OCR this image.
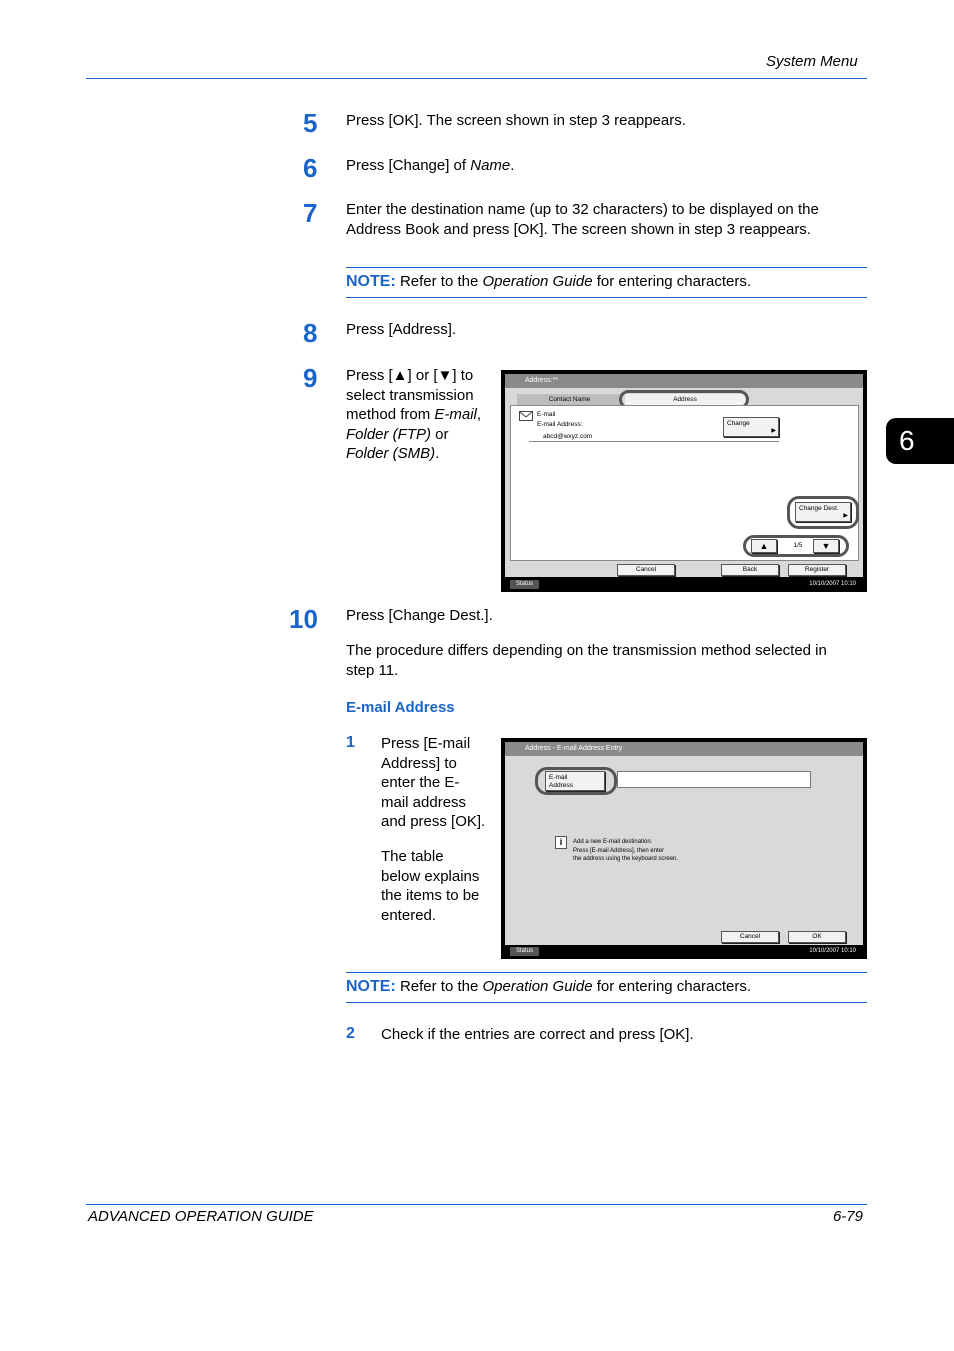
System Menu
6
5 Press [OK]. The screen shown in step 3 reappears.
6 Press [Change] of Name.
7 Enter the destination name (up to 32 characters) to be displayed on the
Address Book and press [OK]. The screen shown in step 3 reappears.
NOTE: Refer to the Operation Guide for entering characters.
8 Press [Address].
9 Press [▲] or [▼] to
select transmission
method from E-mail,
Folder (FTP) or
Folder (SMB).
Address:**
Contact Name	Address
E-mail
E-mail Address:
abcd@wxyz.com
Change
▶
Change Dest.
▶
▲	1/5	▼
Cancel	Back	Register
Status	10/10/2007 10:10
10 Press [Change Dest.].
The procedure differs depending on the transmission method selected in
step 11.
E-mail Address
1 Press [E-mail
Address] to
enter the E-
mail address
and press [OK].
The table
below explains
the items to be
entered.
Address - E-mail Address Entry
E-mail
Address
i	Add a new E-mail destination.
Press [E-mail Address], then enter
the address using the keyboard screen.
Cancel	OK
Status	10/10/2007 10:10
NOTE: Refer to the Operation Guide for entering characters.
2 Check if the entries are correct and press [OK].
ADVANCED OPERATION GUIDE	6-79
